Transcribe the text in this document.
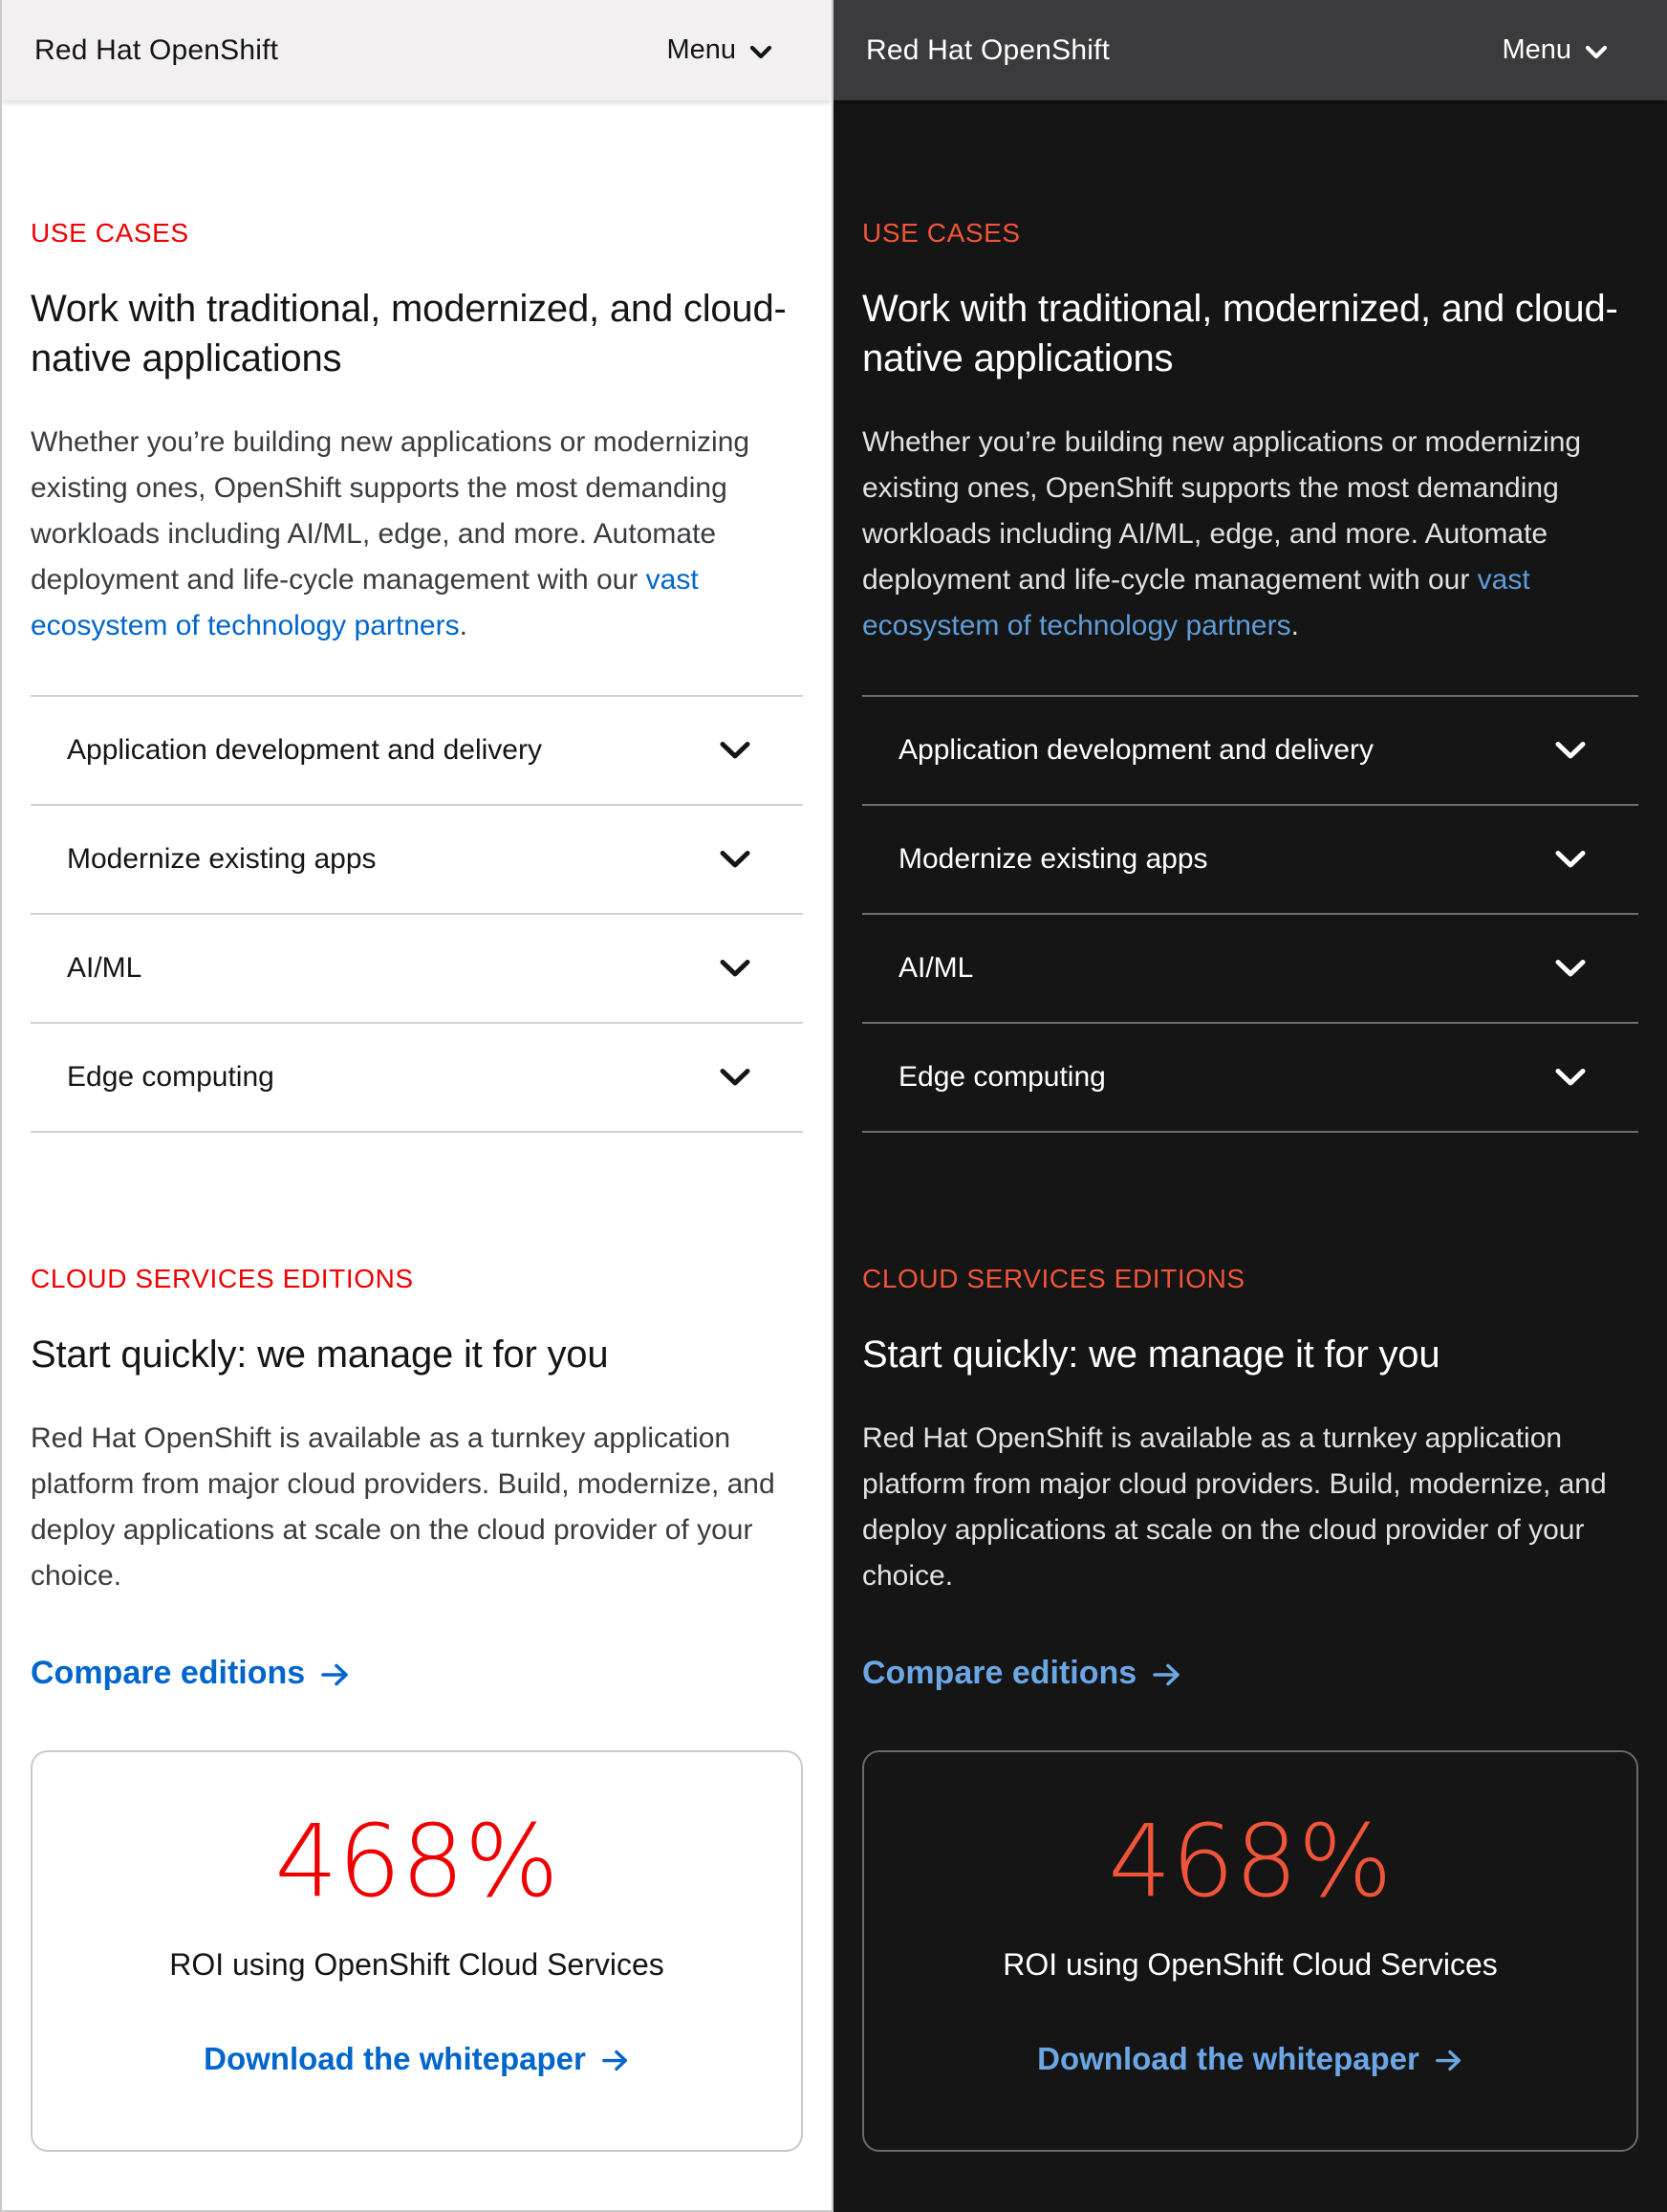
Red Hat OpenShift	Menu

USE CASES

Work with traditional, modernized, and cloud-native applications

Whether you’re building new applications or modernizing existing ones, OpenShift supports the most demanding workloads including AI/ML, edge, and more. Automate deployment and life-cycle management with our vast ecosystem of technology partners.

Application development and delivery
Modernize existing apps
AI/ML
Edge computing

CLOUD SERVICES EDITIONS

Start quickly: we manage it for you

Red Hat OpenShift is available as a turnkey application platform from major cloud providers. Build, modernize, and deploy applications at scale on the cloud provider of your choice.

Compare editions
468%
ROI using OpenShift Cloud Services
Download the whitepaper
Red Hat OpenShift	Menu

USE CASES

Work with traditional, modernized, and cloud-native applications

Whether you’re building new applications or modernizing existing ones, OpenShift supports the most demanding workloads including AI/ML, edge, and more. Automate deployment and life-cycle management with our vast ecosystem of technology partners.

Application development and delivery
Modernize existing apps
AI/ML
Edge computing

CLOUD SERVICES EDITIONS

Start quickly: we manage it for you

Red Hat OpenShift is available as a turnkey application platform from major cloud providers. Build, modernize, and deploy applications at scale on the cloud provider of your choice.

Compare editions
468%
ROI using OpenShift Cloud Services
Download the whitepaper
